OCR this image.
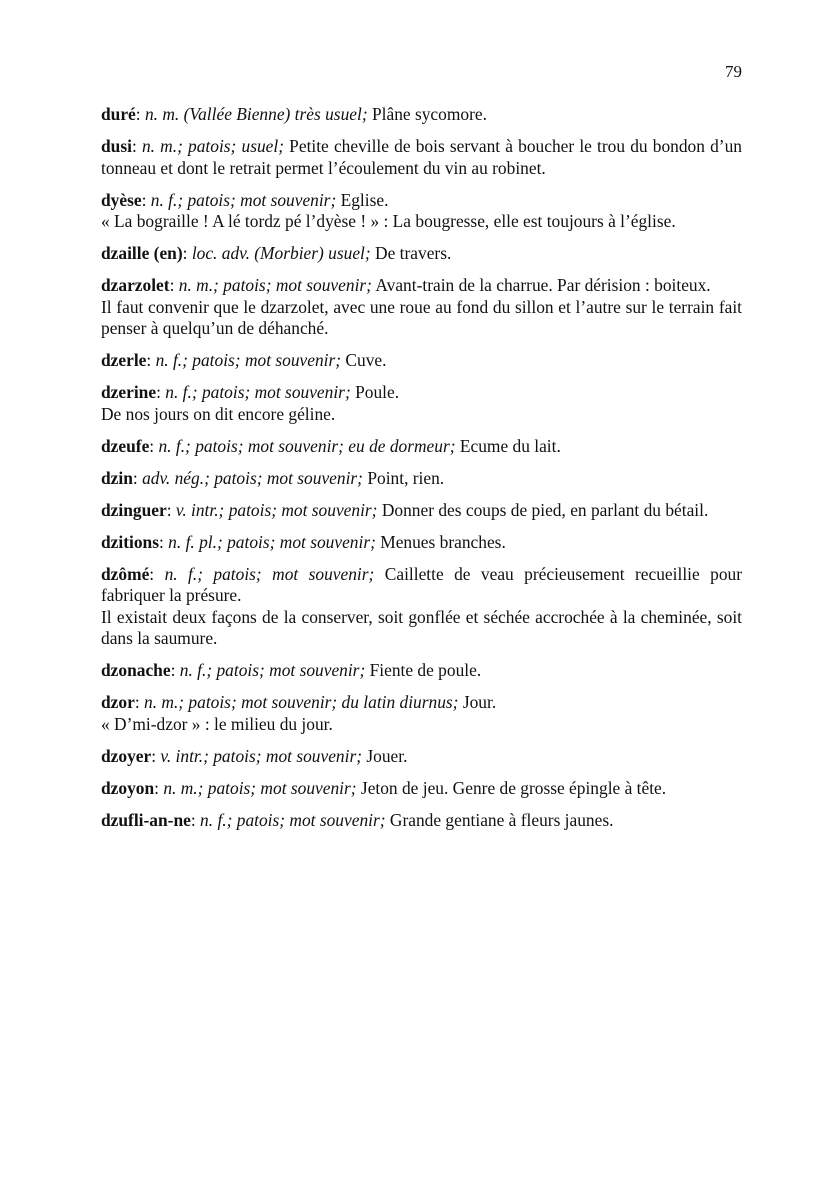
79

duré: n. m. (Vallée Bienne) très usuel; Plâne sycomore.

dusi: n. m.; patois; usuel; Petite cheville de bois servant à boucher le trou du bondon d’un tonneau et dont le retrait permet l’écoulement du vin au robinet.

dyèse: n. f.; patois; mot souvenir; Eglise.

« La bograille ! A lé tordz pé l’dyèse ! » : La bougresse, elle est toujours à l’église.

dzaille (en): loc. adv. (Morbier) usuel; De travers.

dzarzolet: n. m.; patois; mot souvenir; Avant-train de la charrue. Par dérision : boiteux.

Il faut convenir que le dzarzolet, avec une roue au fond du sillon et l’autre sur le terrain fait penser à quelqu’un de déhanché.

dzerle: n. f.; patois; mot souvenir; Cuve.

dzerine: n. f.; patois; mot souvenir; Poule.

De nos jours on dit encore géline.

dzeufe: n. f.; patois; mot souvenir; eu de dormeur; Ecume du lait.

dzin: adv. nég.; patois; mot souvenir; Point, rien.

dzinguer: v. intr.; patois; mot souvenir; Donner des coups de pied, en parlant du bétail.

dzitions: n. f. pl.; patois; mot souvenir; Menues branches.

dzômé: n. f.; patois; mot souvenir; Caillette de veau précieusement recueillie pour fabriquer la présure.

Il existait deux façons de la conserver, soit gonflée et séchée accrochée à la cheminée, soit dans la saumure.

dzonache: n. f.; patois; mot souvenir; Fiente de poule.

dzor: n. m.; patois; mot souvenir; du latin diurnus; Jour.

« D’mi-dzor » : le milieu du jour.

dzoyer: v. intr.; patois; mot souvenir; Jouer.

dzoyon: n. m.; patois; mot souvenir; Jeton de jeu. Genre de grosse épingle à tête.

dzufli-an-ne: n. f.; patois; mot souvenir; Grande gentiane à fleurs jaunes.
